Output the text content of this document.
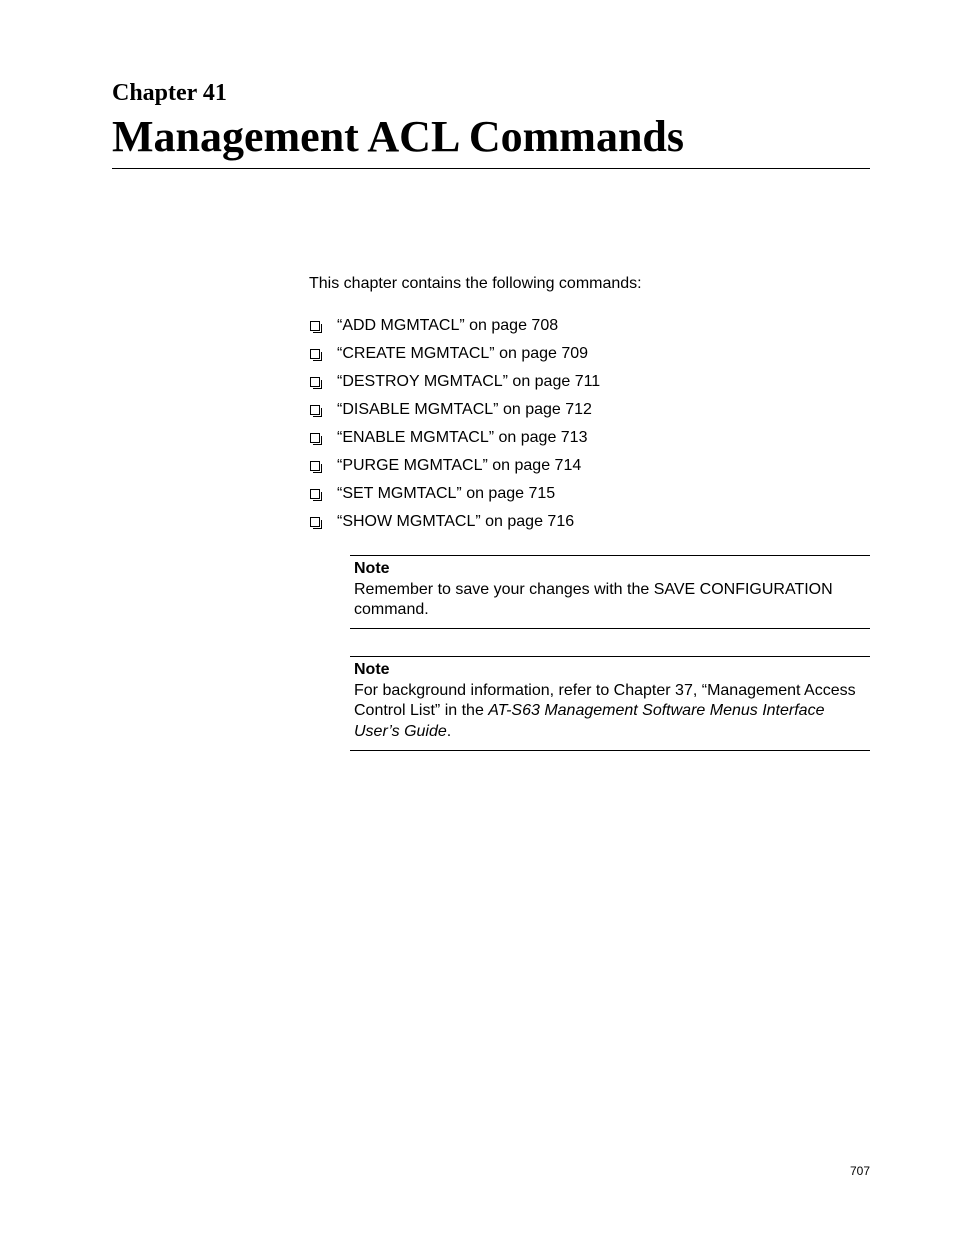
Chapter 41
Management ACL Commands

This chapter contains the following commands:

“ADD MGMTACL” on page 708
“CREATE MGMTACL” on page 709
“DESTROY MGMTACL” on page 711
“DISABLE MGMTACL” on page 712
“ENABLE MGMTACL” on page 713
“PURGE MGMTACL” on page 714
“SET MGMTACL” on page 715
“SHOW MGMTACL” on page 716

Note

Remember to save your changes with the SAVE CONFIGURATION command.

Note

For background information, refer to Chapter 37, “Management Access Control List” in the AT-S63 Management Software Menus Interface User’s Guide.

707
